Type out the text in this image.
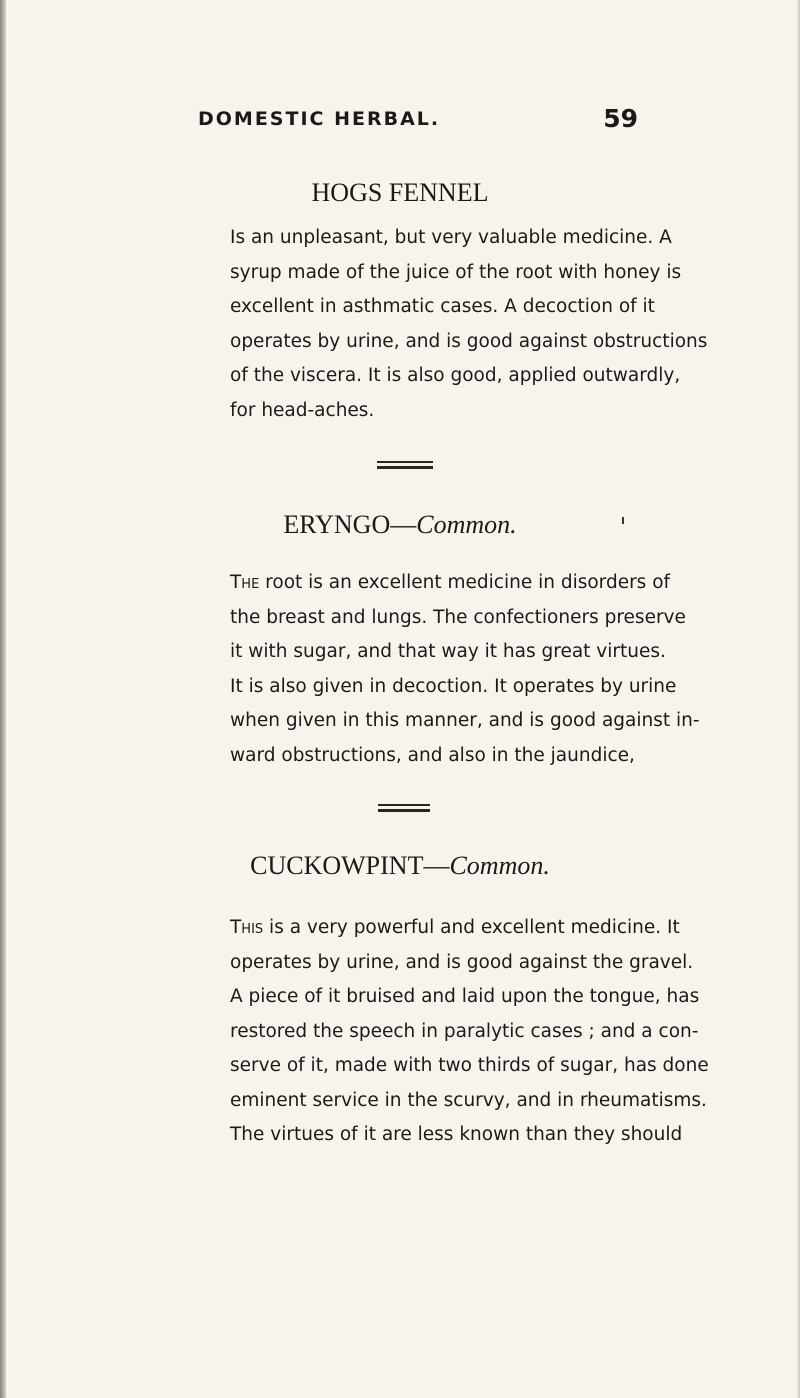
DOMESTIC HERBAL.	59
HOGS FENNEL
Is an unpleasant, but very valuable medicine. A
syrup made of the juice of the root with honey is
excellent in asthmatic cases. A decoction of it
operates by urine, and is good against obstructions
of the viscera. It is also good, applied outwardly,
for head-aches.
ERYNGO—Common.
The root is an excellent medicine in disorders of
the breast and lungs. The confectioners preserve
it with sugar, and that way it has great virtues.
It is also given in decoction. It operates by urine
when given in this manner, and is good against in-
ward obstructions, and also in the jaundice,
CUCKOWPINT—Common.
This is a very powerful and excellent medicine. It
operates by urine, and is good against the gravel.
A piece of it bruised and laid upon the tongue, has
restored the speech in paralytic cases ; and a con-
serve of it, made with two thirds of sugar, has done
eminent service in the scurvy, and in rheumatisms.
The virtues of it are less known than they should
